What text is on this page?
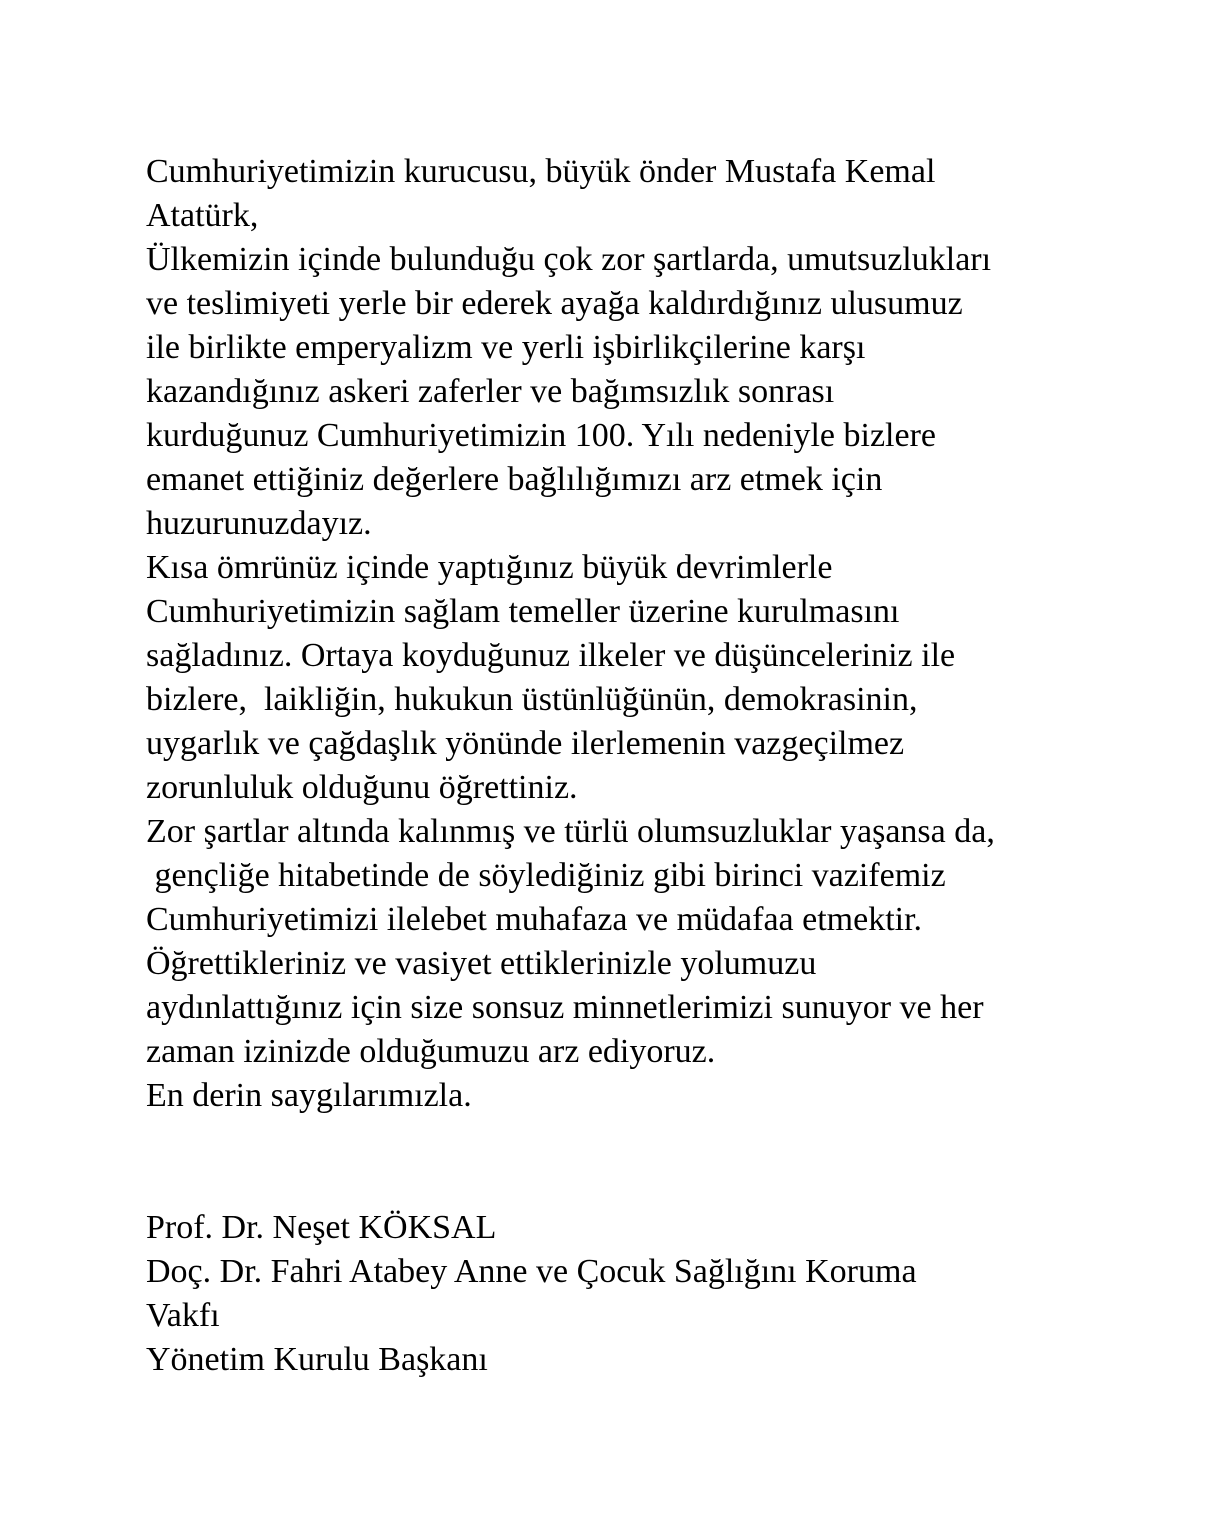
Cumhuriyetimizin kurucusu, büyük önder Mustafa Kemal
Atatürk,
Ülkemizin içinde bulunduğu çok zor şartlarda, umutsuzlukları
ve teslimiyeti yerle bir ederek ayağa kaldırdığınız ulusumuz
ile birlikte emperyalizm ve yerli işbirlikçilerine karşı
kazandığınız askeri zaferler ve bağımsızlık sonrası
kurduğunuz Cumhuriyetimizin 100. Yılı nedeniyle bizlere
emanet ettiğiniz değerlere bağlılığımızı arz etmek için
huzurunuzdayız.
Kısa ömrünüz içinde yaptığınız büyük devrimlerle
Cumhuriyetimizin sağlam temeller üzerine kurulmasını
sağladınız. Ortaya koyduğunuz ilkeler ve düşünceleriniz ile
bizlere,  laikliğin, hukukun üstünlüğünün, demokrasinin,
uygarlık ve çağdaşlık yönünde ilerlemenin vazgeçilmez
zorunluluk olduğunu öğrettiniz.
Zor şartlar altında kalınmış ve türlü olumsuzluklar yaşansa da,
gençliğe hitabetinde de söylediğiniz gibi birinci vazifemiz
Cumhuriyetimizi ilelebet muhafaza ve müdafaa etmektir.
Öğrettikleriniz ve vasiyet ettiklerinizle yolumuzu
aydınlattığınız için size sonsuz minnetlerimizi sunuyor ve her
zaman izinizde olduğumuzu arz ediyoruz.
En derin saygılarımızla.
Prof. Dr. Neşet KÖKSAL
Doç. Dr. Fahri Atabey Anne ve Çocuk Sağlığını Koruma
Vakfı
Yönetim Kurulu Başkanı
